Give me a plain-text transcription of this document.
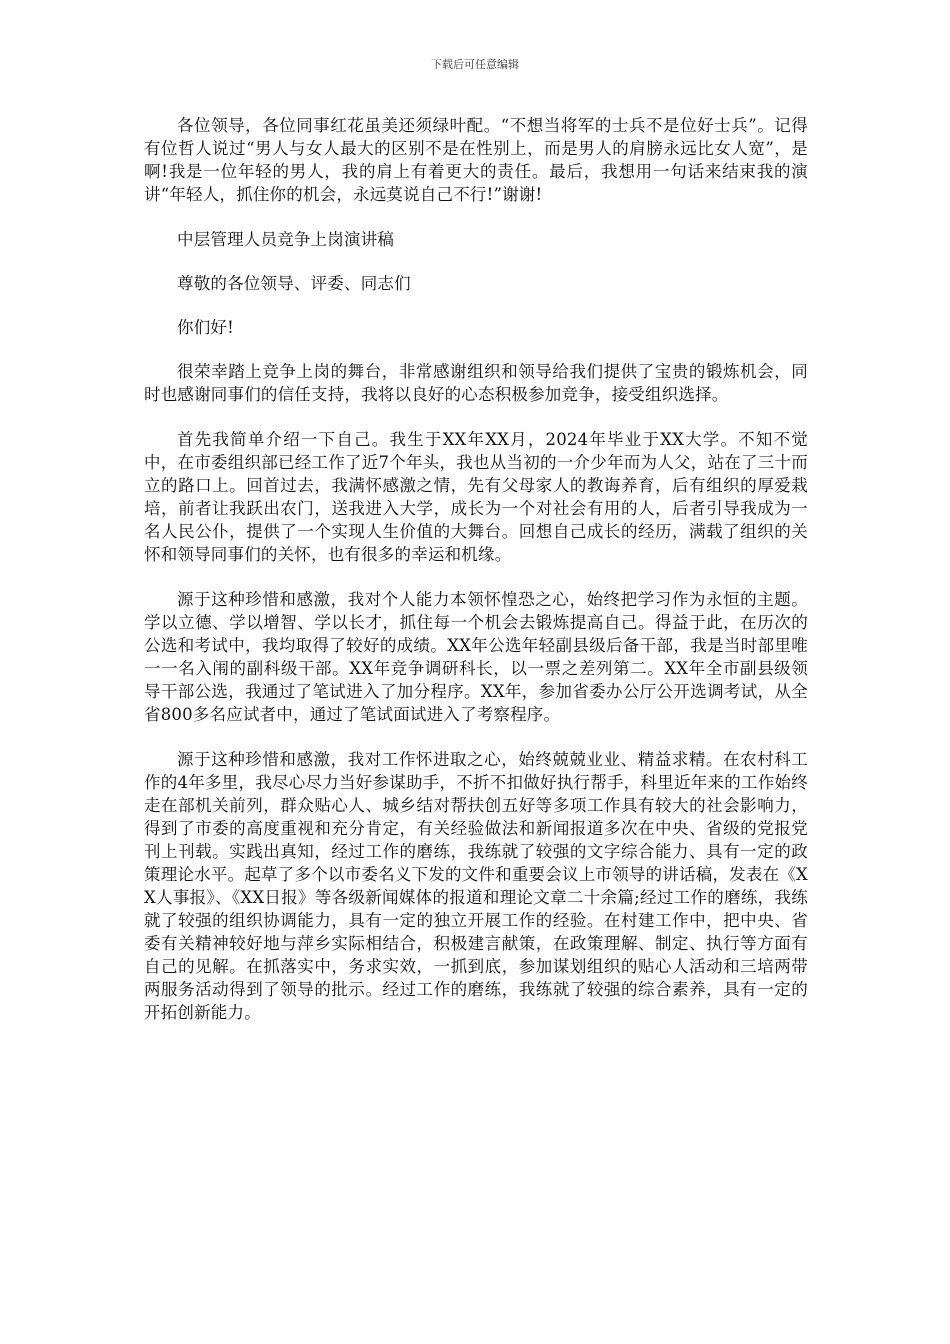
下载后可任意编辑

各位领导，各位同事红花虽美还须绿叶配。“不想当将军的士兵不是位好士兵”。记得有位哲人说过“男人与女人最大的区别不是在性别上，而是男人的肩膀永远比女人宽”，是啊!我是一位年轻的男人，我的肩上有着更大的责任。最后，我想用一句话来结束我的演讲“年轻人，抓住你的机会，永远莫说自己不行!”谢谢!

中层管理人员竞争上岗演讲稿

尊敬的各位领导、评委、同志们

你们好!

很荣幸踏上竞争上岗的舞台，非常感谢组织和领导给我们提供了宝贵的锻炼机会，同时也感谢同事们的信任支持，我将以良好的心态积极参加竞争，接受组织选择。

首先我简单介绍一下自己。我生于XX年XX月，2024年毕业于XX大学。不知不觉中，在市委组织部已经工作了近7个年头，我也从当初的一介少年而为人父，站在了三十而立的路口上。回首过去，我满怀感激之情，先有父母家人的教诲养育，后有组织的厚爱栽培，前者让我跃出农门，送我进入大学，成长为一个对社会有用的人，后者引导我成为一名人民公仆，提供了一个实现人生价值的大舞台。回想自己成长的经历，满载了组织的关怀和领导同事们的关怀，也有很多的幸运和机缘。

源于这种珍惜和感激，我对个人能力本领怀惶恐之心，始终把学习作为永恒的主题。学以立德、学以增智、学以长才，抓住每一个机会去锻炼提高自己。得益于此，在历次的公选和考试中，我均取得了较好的成绩。XX年公选年轻副县级后备干部，我是当时部里唯一一名入闱的副科级干部。XX年竞争调研科长，以一票之差列第二。XX年全市副县级领导干部公选，我通过了笔试进入了加分程序。XX年，参加省委办公厅公开选调考试，从全省800多名应试者中，通过了笔试面试进入了考察程序。

源于这种珍惜和感激，我对工作怀进取之心，始终兢兢业业、精益求精。在农村科工作的4年多里，我尽心尽力当好参谋助手，不折不扣做好执行帮手，科里近年来的工作始终走在部机关前列，群众贴心人、城乡结对帮扶创五好等多项工作具有较大的社会影响力，得到了市委的高度重视和充分肯定，有关经验做法和新闻报道多次在中央、省级的党报党刊上刊载。实践出真知，经过工作的磨练，我练就了较强的文字综合能力、具有一定的政策理论水平。起草了多个以市委名义下发的文件和重要会议上市领导的讲话稿，发表在《XX人事报》、《XX日报》等各级新闻媒体的报道和理论文章二十余篇;经过工作的磨练，我练就了较强的组织协调能力，具有一定的独立开展工作的经验。在村建工作中，把中央、省委有关精神较好地与萍乡实际相结合，积极建言献策，在政策理解、制定、执行等方面有自己的见解。在抓落实中，务求实效，一抓到底，参加谋划组织的贴心人活动和三培两带两服务活动得到了领导的批示。经过工作的磨练，我练就了较强的综合素养，具有一定的开拓创新能力。
